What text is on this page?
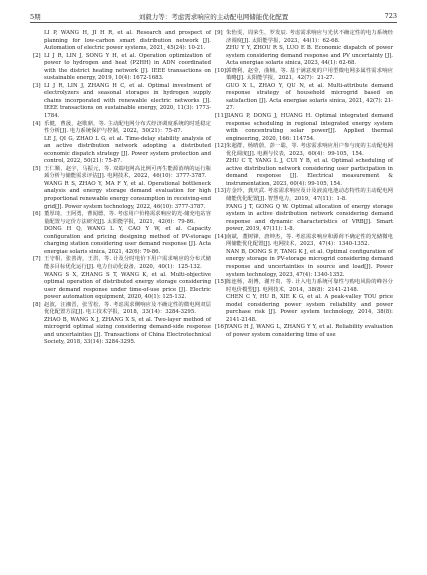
5期	刘毅力等：考虑需求响应的主动配电网储能优化配置	723

LI P, WANG H, JI H R, et al. Research and prospect of planning for low-carbon smart distribution network [J]. Automation of electric power systems, 2021, 45(24): 10-21.

[2] LI J R, LIN J, SONG Y H, et al. Operation optimization of power to hydrogen and heat (P2HH) in ADN coordinated with the district heating network [J]. IEEE transactions on sustainable energy, 2019, 10(4): 1672-1683.

[3] LI J R, LIN J, ZHANG H C, et al. Optimal investment of electrolyzers and seasonal storages in hydrogen supply chains incorporated with renewable electric networks [J]. IEEE transactions on sustainable energy, 2020, 11(3): 1773-1784.

[4] 乐健，曹晟，赵歌鼎，等. 主动配电网分布式经济调度系统的时延稳定性分析[J]. 电力系统保护与控制，2022，50(21)：75-87.

LE J, QI G, ZHAO L G, et al. Time-delay stability analysis of an active distribution network adopting a distributed economic dispatch strategy [J]. Power system protection and control, 2022, 50(21): 75-87.

[5] 王仁顺，赵宇，马振元，等. 双端电网高比例可再生能源消纳的运行瓶颈分析与储能需求评估[J]. 电网技术，2022，46(10)：3777-3787.

WANG R S, ZHAO Y, MA F Y, et al. Operational bottleneck analysis and energy storage demand evaluation for high proportional renewable energy consumption in receiving-end grid[J]. Power system technology, 2022, 46(10): 3777-3787.

[6] 董厚琦，王阿勇，曹闻德，等. 考虑用户价格需求响应的光-储充电站容量配置与定价方法研究[J]. 太阳能学报，2021，42(6)：79-86.

DONG H Q, WANG L Y, CAO Y W, et al. Capacity configuration and pricing designing method of PV-storage charging station considering user demand response [J]. Acta energiae solaris sinica, 2021, 42(6): 79-86.

[7] 王守相，张善涛，王洪，等. 计及分时电价下用户需求响应的分布式储能多目标优化运行[J]. 电力自动化设备，2020，40(1)：125-132.

WANG S X, ZHANG S T, WANG K, et al. Multi-objective optimal operation of distributed energy storage considering user demand response under time-of-use price [J]. Electric power automation equipment, 2020, 40(1): 125-132.

[8] 赵波，汪湘晋，张雪松，等. 考虑需求侧响应及不确定性的微电网双层优化配置方法[J]. 电工技术学报，2018，33(14)：3284-3295.

ZHAO B, WANG X J, ZHANG X S, et al. Two-layer method of microgrid optimal sizing considering demand-side response and uncertainties [J]. Transactions of China Electrotechnical Society, 2018, 33(14): 3284-3295.

[9] 朱怡雯，周荣生，罗发辰. 考虑需求响应与光伏不确定性的电力系统经济调度[J]. 太阳能学报，2023，44(1)：62-68.

ZHU Y Y, ZHOU R S, LUO E B. Economic dispatch of power system considering demand response and PV uncertainty [J]. Acta energiae solaris sinica, 2023, 44(1): 62-68.

[10] 郭晓利，赵莹，曲楠，等. 基于满意度的户用型微电网多属性需求响应策略[J]. 太阳能学报，2021，42(7)：21-27.

GUO X L, ZHAO Y, QU N, et al. Multi-attribute demand response strategy of household microgrid based on satisfaction [J]. Acta energiae solaris sinica, 2021, 42(7): 21-27.

[11] JIANG P, DONG J, HUANG H. Optimal integrated demand response scheduling in regional integrated energy system with concentrating solar power[J]. Applied thermal engineering, 2020, 166: 114754.

[12] 朱超群，杨晴蔚，彭一聪，等. 考虑需求响应用户参与度的主动配电网优化调度[J]. 电测与仪表，2023，60(4)：99-105，154.

ZHU C T, YANG L J, CUI Y B, et al. Optimal scheduling of active distribution network considering user participation in demand response [J]. Electrical measurement & instrumentation, 2023, 60(4): 99-105, 154.

[13] 方金玲，龚庆武. 考虑需求响应及计及液流电池动态特性的主动配电网储能优化配置[J]. 智慧电力，2019，47(11)：1-8.

FANG J T, GONG Q W. Optimal allocation of energy storage system in active distribution network considering demand response and dynamic characteristics of VRB[J]. Smart power, 2019, 47(11): 1-8.

[14] 南斌，董树锋，唐坤杰，等. 考虑需求响应和源荷不确定性的光储微电网储能优化配置[J]. 电网技术，2023，47(4)：1340-1352.

NAN B, DONG S F, TANG K J, et al. Optimal configuration of energy storage in PV-storage microgrid considering demand response and uncertainties in source and load[J]. Power system technology, 2023, 47(4): 1340-1352.

[15] 陈连杨，胡博，谢开贵，等. 计入电力系统可靠性与购电风险的峰谷分时电价模型[J]. 电网技术，2014，38(8)：2141-2148.

CHEN C Y, HU B, XIE K G, et al. A peak-valley TOU price model considering power system reliability and power purchase risk [J]. Power system technology, 2014, 38(8): 2141-2148.

[16] YANG H J, WANG L, ZHANG Y Y, et al. Reliability evaluation of power system considering time of use
